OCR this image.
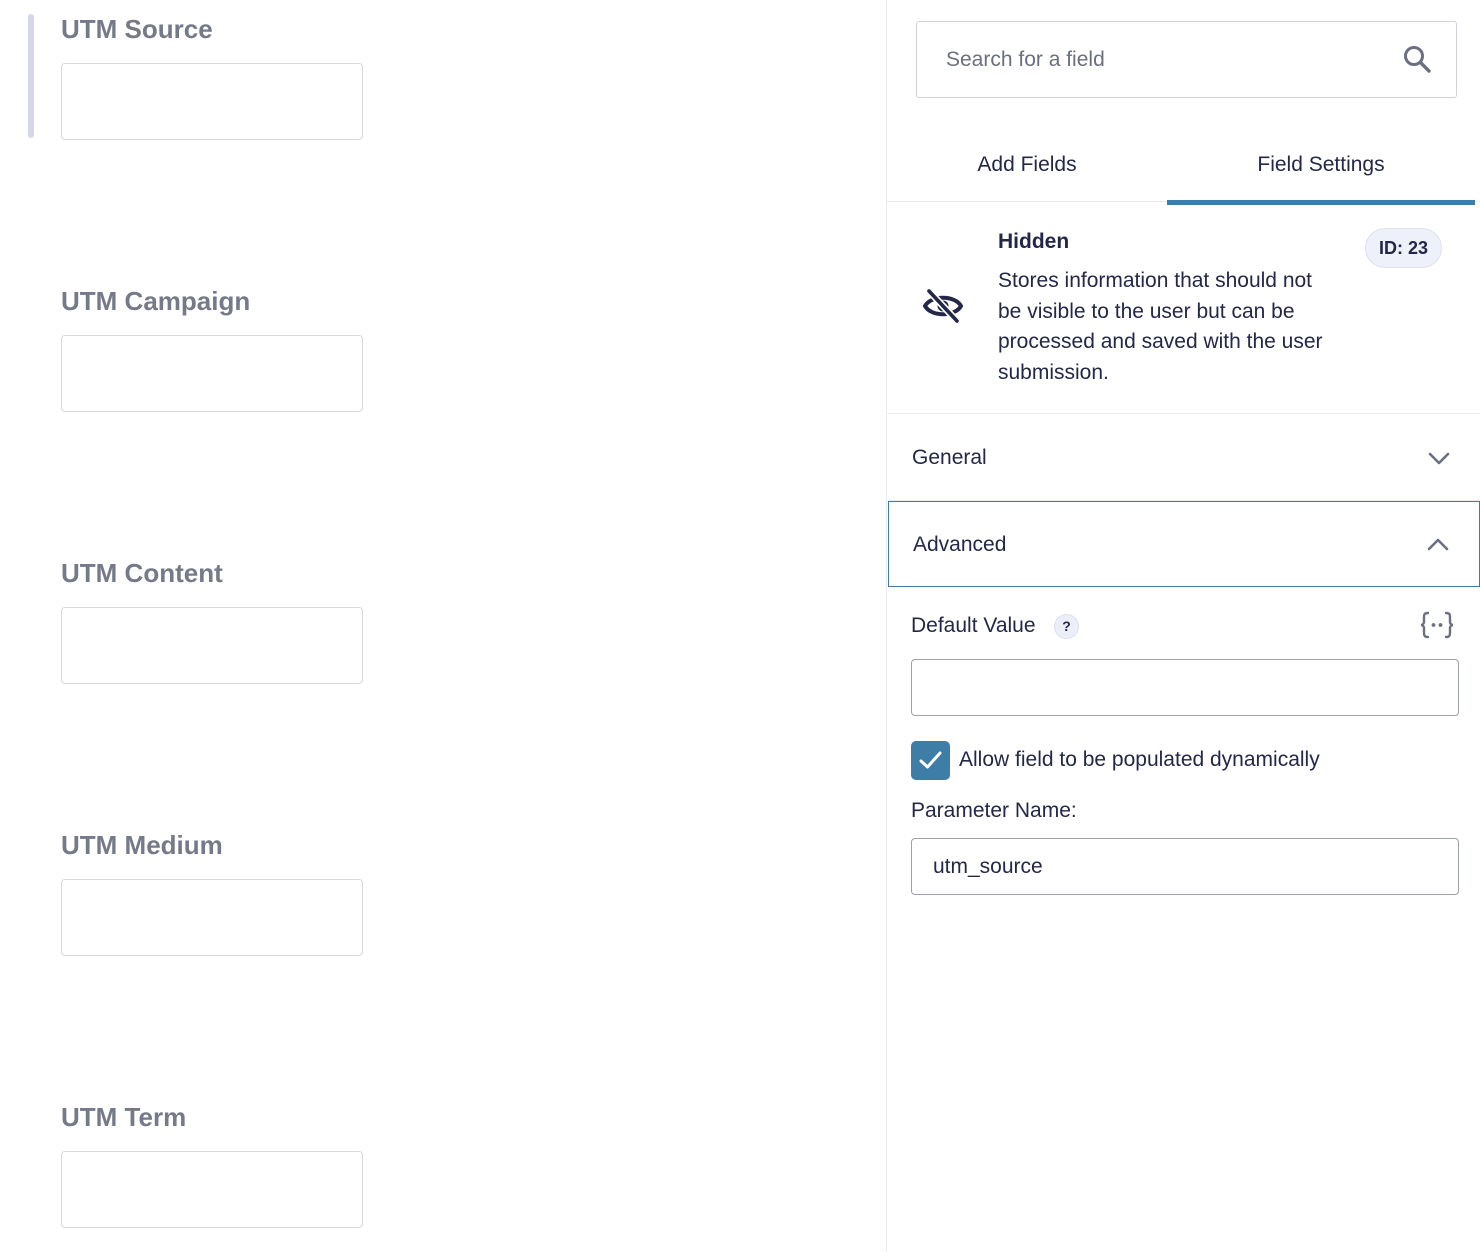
UTM Source
UTM Campaign
UTM Content
UTM Medium
UTM Term
Search for a field
Add Fields	Field Settings
Hidden
Stores information that should not be visible to the user but can be processed and saved with the user submission.
ID: 23
General
Advanced
Default Value	?
Allow field to be populated dynamically
Parameter Name:
utm_source
